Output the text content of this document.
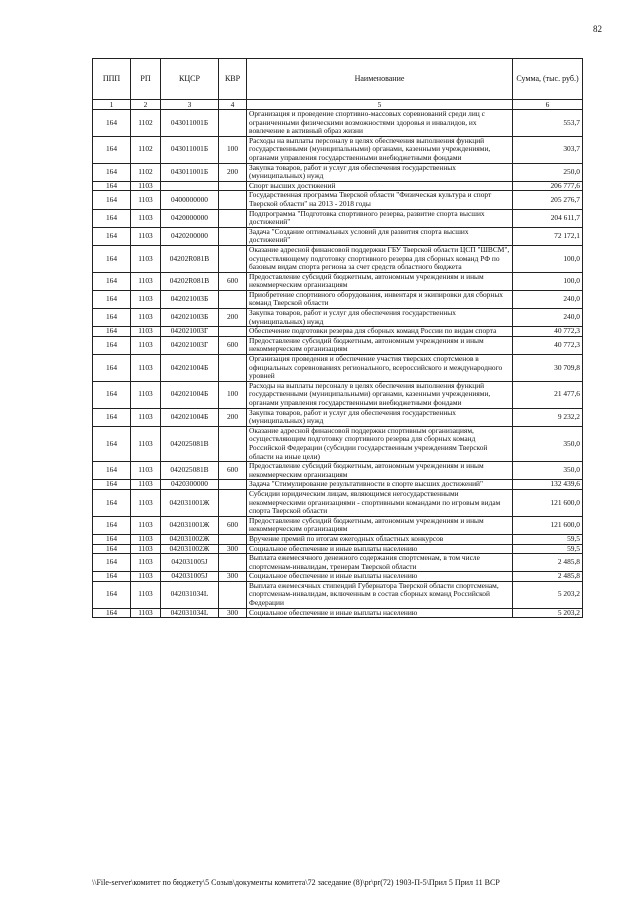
82
ППП	РП	КЦСР	КВР	Наименование	Сумма, (тыс. руб.)
1	2	3	4	5	6
164	1102	043011001Б		Организация и проведение спортивно-массовых соревнований среди лиц с ограниченными физическими возможностями здоровья и инвалидов, их вовлечение в активный образ жизни	553,7
164	1102	043011001Б	100	Расходы на выплаты персоналу в целях обеспечения выполнения функций государственными (муниципальными) органами, казенными учреждениями, органами управления государственными внебюджетными фондами	303,7
164	1102	043011001Б	200	Закупка товаров, работ и услуг для обеспечения государственных (муниципальных) нужд	250,0
164	1103			Спорт высших достижений	206 777,6
164	1103	0400000000		Государственная программа Тверской области "Физическая культура и спорт Тверской области" на 2013 - 2018 годы	205 276,7
164	1103	0420000000		Подпрограмма "Подготовка спортивного резерва, развитие спорта высших достижений"	204 611,7
164	1103	0420200000		Задача "Создание оптимальных условий для развития спорта высших достижений"	72 172,1
164	1103	04202R081В		Оказание адресной финансовой поддержки ГБУ Тверской области ЦСП "ШВСМ", осуществляющему подготовку спортивного резерва для сборных команд РФ по базовым видам спорта региона за счет средств областного бюджета	100,0
164	1103	04202R081В	600	Предоставление субсидий бюджетным, автономным учреждениям и иным некоммерческим организациям	100,0
164	1103	042021003Б		Приобретение спортивного оборудования, инвентаря и экипировки для сборных команд Тверской области	240,0
164	1103	042021003Б	200	Закупка товаров, работ и услуг для обеспечения государственных (муниципальных) нужд	240,0
164	1103	042021003Г		Обеспечение подготовки резерва для сборных команд России по видам спорта	40 772,3
164	1103	042021003Г	600	Предоставление субсидий бюджетным, автономным учреждениям и иным некоммерческим организациям	40 772,3
164	1103	042021004Б		Организация проведения и обеспечение участия тверских спортсменов в официальных соревнованиях регионального, всероссийского и международного уровней	30 709,8
164	1103	042021004Б	100	Расходы на выплаты персоналу в целях обеспечения выполнения функций государственными (муниципальными) органами, казенными учреждениями, органами управления государственными внебюджетными фондами	21 477,6
164	1103	042021004Б	200	Закупка товаров, работ и услуг для обеспечения государственных (муниципальных) нужд	9 232,2
164	1103	042025081В		Оказание адресной финансовой поддержки спортивным организациям, осуществляющим подготовку спортивного резерва для сборных команд Российской Федерации (субсидии государственным учреждениям Тверской области на иные цели)	350,0
164	1103	042025081В	600	Предоставление субсидий бюджетным, автономным учреждениям и иным некоммерческим организациям	350,0
164	1103	0420300000		Задача "Стимулирование результативности в спорте высших достижений"	132 439,6
164	1103	042031001Ж		Субсидии юридическим лицам, являющимся негосударственными некоммерческими организациями - спортивными командами по игровым видам спорта Тверской области	121 600,0
164	1103	042031001Ж	600	Предоставление субсидий бюджетным, автономным учреждениям и иным некоммерческим организациям	121 600,0
164	1103	042031002Ж		Вручение премий по итогам ежегодных областных конкурсов	59,5
164	1103	042031002Ж	300	Социальное обеспечение и иные выплаты населению	59,5
164	1103	042031005J		Выплата ежемесячного денежного содержания спортсменам, в том числе спортсменам-инвалидам, тренерам Тверской области	2 485,8
164	1103	042031005J	300	Социальное обеспечение и иные выплаты населению	2 485,8
164	1103	042031034L		Выплата ежемесячных стипендий Губернатора Тверской области спортсменам, спортсменам-инвалидам, включенным в состав сборных команд Российской Федерации	5 203,2
164	1103	042031034L	300	Социальное обеспечение и иные выплаты населению	5 203,2
\\File-server\комитет по бюджету\5 Созыв\документы комитета\72 заседание (8)\pr\pr(72) 1903-П-5\Прил 5 Прил 11 ВСР
